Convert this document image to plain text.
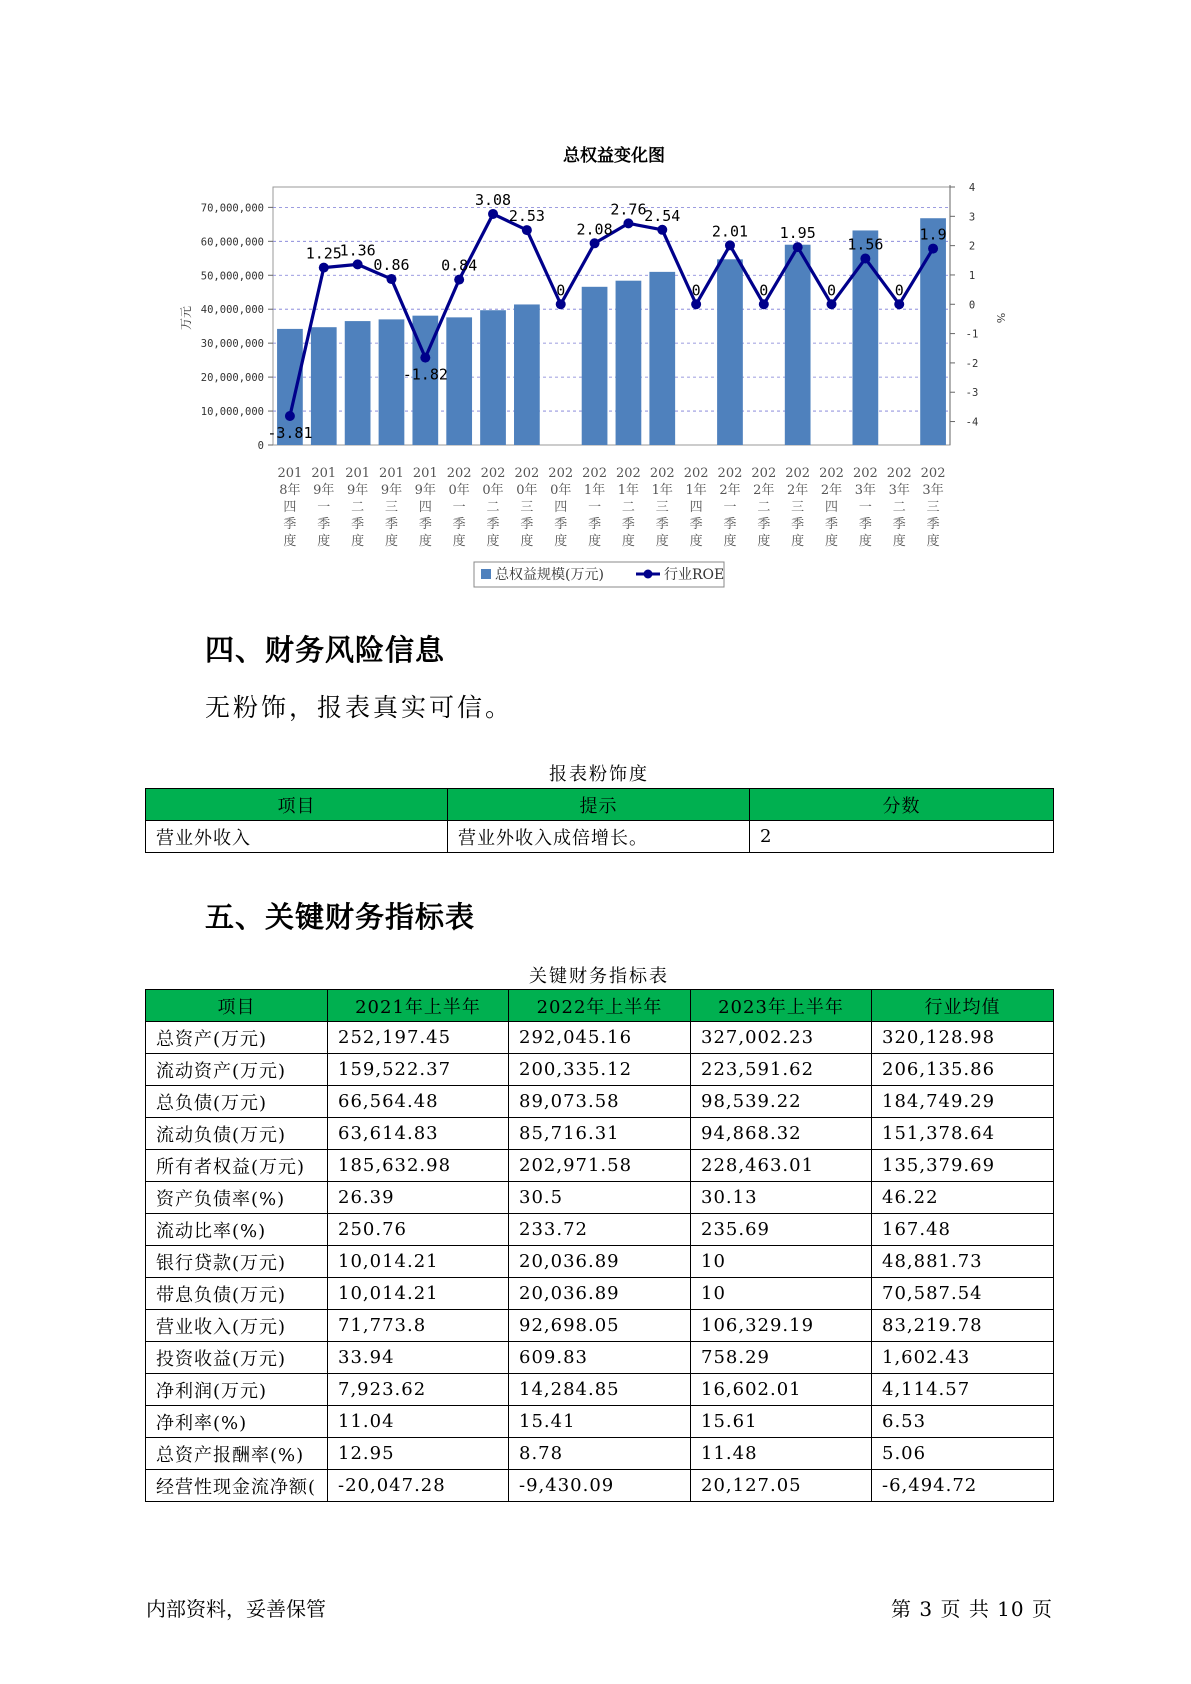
总权益变化图
0
10,000,000
20,000,000
30,000,000
40,000,000
50,000,000
60,000,000
70,000,000
万元
4
3
2
1
0
-1
-2
-3
-4
%
201
8年
四
季
度
201
9年
一
季
度
201
9年
二
季
度
201
9年
三
季
度
201
9年
四
季
度
202
0年
一
季
度
202
0年
二
季
度
202
0年
三
季
度
202
0年
四
季
度
202
1年
一
季
度
202
1年
二
季
度
202
1年
三
季
度
202
1年
四
季
度
202
2年
一
季
度
202
2年
二
季
度
202
2年
三
季
度
202
2年
四
季
度
202
3年
一
季
度
202
3年
二
季
度
202
3年
三
季
度
-3.81
1.25
1.36
0.86
-1.82
0.84
3.08
2.53
0
2.08
2.76
2.54
0
2.01
0
1.95
0
1.56
0
1.9
总权益规模(万元)	行业ROE
四、财务风险信息

无粉饰，报表真实可信。

报表粉饰度
项目	提示	分数
营业外收入	营业外收入成倍增长。	2
五、关键财务指标表
关键财务指标表
项目	2021年上半年	2022年上半年	2023年上半年	行业均值
总资产(万元)	252,197.45	292,045.16	327,002.23	320,128.98
流动资产(万元)	159,522.37	200,335.12	223,591.62	206,135.86
总负债(万元)	66,564.48	89,073.58	98,539.22	184,749.29
流动负债(万元)	63,614.83	85,716.31	94,868.32	151,378.64
所有者权益(万元)	185,632.98	202,971.58	228,463.01	135,379.69
资产负债率(%)	26.39	30.5	30.13	46.22
流动比率(%)	250.76	233.72	235.69	167.48
银行贷款(万元)	10,014.21	20,036.89	10	48,881.73
带息负债(万元)	10,014.21	20,036.89	10	70,587.54
营业收入(万元)	71,773.8	92,698.05	106,329.19	83,219.78
投资收益(万元)	33.94	609.83	758.29	1,602.43
净利润(万元)	7,923.62	14,284.85	16,602.01	4,114.57
净利率(%)	11.04	15.41	15.61	6.53
总资产报酬率(%)	12.95	8.78	11.48	5.06
经营性现金流净额(	-20,047.28	-9,430.09	20,127.05	-6,494.72
内部资料，妥善保管	第 3 页 共 10 页
